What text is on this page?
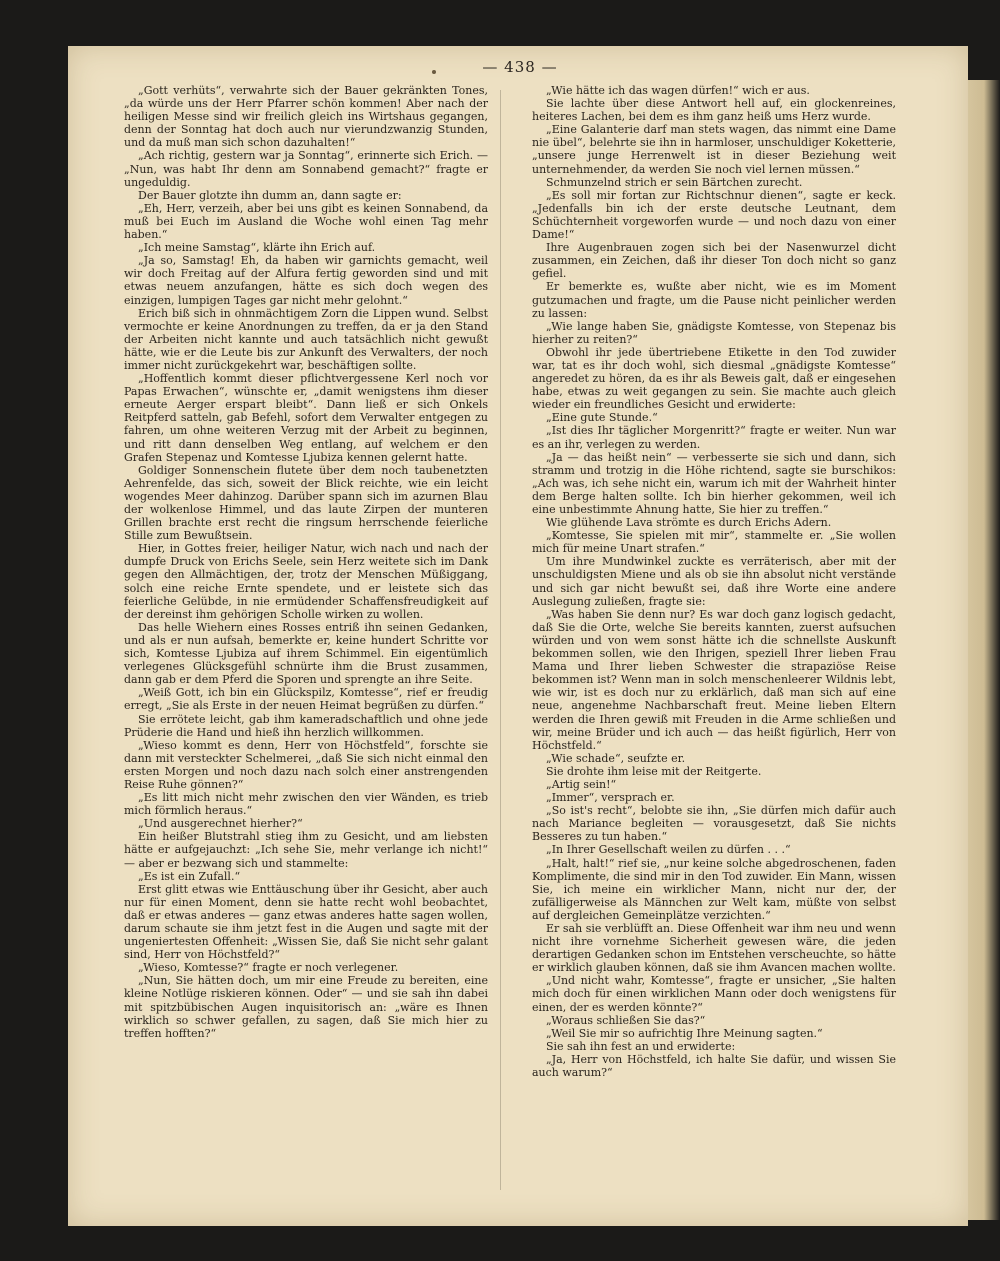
— 438 —

„Gott verhüts“, verwahrte sich der Bauer gekränkten Tones, „da würde uns der Herr Pfarrer schön kommen! Aber nach der heiligen Messe sind wir freilich gleich ins Wirtshaus gegangen, denn der Sonntag hat doch auch nur vierundzwanzig Stunden, und da muß man sich schon dazuhalten!“

„Ach richtig, gestern war ja Sonntag“, erinnerte sich Erich. — „Nun, was habt Ihr denn am Sonnabend gemacht?“ fragte er ungeduldig.

Der Bauer glotzte ihn dumm an, dann sagte er:

„Eh, Herr, verzeih, aber bei uns gibt es keinen Sonnabend, da muß bei Euch im Ausland die Woche wohl einen Tag mehr haben.“

„Ich meine Samstag“, klärte ihn Erich auf.

„Ja so, Samstag! Eh, da haben wir garnichts gemacht, weil wir doch Freitag auf der Alfura fertig geworden sind und mit etwas neuem anzufangen, hätte es sich doch wegen des einzigen, lumpigen Tages gar nicht mehr gelohnt.“

Erich biß sich in ohnmächtigem Zorn die Lippen wund. Selbst vermochte er keine Anordnungen zu treffen, da er ja den Stand der Arbeiten nicht kannte und auch tatsächlich nicht gewußt hätte, wie er die Leute bis zur Ankunft des Verwalters, der noch immer nicht zurückgekehrt war, beschäftigen sollte.

„Hoffentlich kommt dieser pflichtvergessene Kerl noch vor Papas Erwachen“, wünschte er, „damit wenigstens ihm dieser erneute Aerger erspart bleibt“. Dann ließ er sich Onkels Reitpferd satteln, gab Befehl, sofort dem Verwalter entgegen zu fahren, um ohne weiteren Verzug mit der Arbeit zu beginnen, und ritt dann denselben Weg entlang, auf welchem er den Grafen Stepenaz und Komtesse Ljubiza kennen gelernt hatte.

Goldiger Sonnenschein flutete über dem noch taubenetzten Aehrenfelde, das sich, soweit der Blick reichte, wie ein leicht wogendes Meer dahinzog. Darüber spann sich im azurnen Blau der wolkenlose Himmel, und das laute Zirpen der munteren Grillen brachte erst recht die ringsum herrschende feierliche Stille zum Bewußtsein.

Hier, in Gottes freier, heiliger Natur, wich nach und nach der dumpfe Druck von Erichs Seele, sein Herz weitete sich im Dank gegen den Allmächtigen, der, trotz der Menschen Müßiggang, solch eine reiche Ernte spendete, und er leistete sich das feierliche Gelübde, in nie ermüdender Schaffensfreudigkeit auf der dereinst ihm gehörigen Scholle wirken zu wollen.

Das helle Wiehern eines Rosses entriß ihn seinen Gedanken, und als er nun aufsah, bemerkte er, keine hundert Schritte vor sich, Komtesse Ljubiza auf ihrem Schimmel. Ein eigentümlich verlegenes Glücksgefühl schnürte ihm die Brust zusammen, dann gab er dem Pferd die Sporen und sprengte an ihre Seite.

„Weiß Gott, ich bin ein Glückspilz, Komtesse“, rief er freudig erregt, „Sie als Erste in der neuen Heimat begrüßen zu dürfen.“

Sie errötete leicht, gab ihm kameradschaftlich und ohne jede Prüderie die Hand und hieß ihn herzlich willkommen.

„Wieso kommt es denn, Herr von Höchstfeld“, forschte sie dann mit versteckter Schelmerei, „daß Sie sich nicht einmal den ersten Morgen und noch dazu nach solch einer anstrengenden Reise Ruhe gönnen?“

„Es litt mich nicht mehr zwischen den vier Wänden, es trieb mich förmlich heraus.“

„Und ausgerechnet hierher?“

Ein heißer Blutstrahl stieg ihm zu Gesicht, und am liebsten hätte er aufgejauchzt: „Ich sehe Sie, mehr verlange ich nicht!“ — aber er bezwang sich und stammelte:

„Es ist ein Zufall.“

Erst glitt etwas wie Enttäuschung über ihr Gesicht, aber auch nur für einen Moment, denn sie hatte recht wohl beobachtet, daß er etwas anderes — ganz etwas anderes hatte sagen wollen, darum schaute sie ihm jetzt fest in die Augen und sagte mit der ungeniertesten Offenheit: „Wissen Sie, daß Sie nicht sehr galant sind, Herr von Höchstfeld?“

„Wieso, Komtesse?“ fragte er noch verlegener.

„Nun, Sie hätten doch, um mir eine Freude zu bereiten, eine kleine Notlüge riskieren können. Oder“ — und sie sah ihn dabei mit spitzbübischen Augen inquisitorisch an: „wäre es Ihnen wirklich so schwer gefallen, zu sagen, daß Sie mich hier zu treffen hofften?“

„Wie hätte ich das wagen dürfen!“ wich er aus.

Sie lachte über diese Antwort hell auf, ein glockenreines, heiteres Lachen, bei dem es ihm ganz heiß ums Herz wurde.

„Eine Galanterie darf man stets wagen, das nimmt eine Dame nie übel“, belehrte sie ihn in harmloser, unschuldiger Koketterie, „unsere junge Herrenwelt ist in dieser Beziehung weit unternehmender, da werden Sie noch viel lernen müssen.“

Schmunzelnd strich er sein Bärtchen zurecht.

„Es soll mir fortan zur Richtschnur dienen“, sagte er keck. „Jedenfalls bin ich der erste deutsche Leutnant, dem Schüchternheit vorgeworfen wurde — und noch dazu von einer Dame!“

Ihre Augenbrauen zogen sich bei der Nasenwurzel dicht zusammen, ein Zeichen, daß ihr dieser Ton doch nicht so ganz gefiel.

Er bemerkte es, wußte aber nicht, wie es im Moment gutzumachen und fragte, um die Pause nicht peinlicher werden zu lassen:

„Wie lange haben Sie, gnädigste Komtesse, von Stepenaz bis hierher zu reiten?“

Obwohl ihr jede übertriebene Etikette in den Tod zuwider war, tat es ihr doch wohl, sich diesmal „gnädigste Komtesse“ angeredet zu hören, da es ihr als Beweis galt, daß er eingesehen habe, etwas zu weit gegangen zu sein. Sie machte auch gleich wieder ein freundliches Gesicht und erwiderte:

„Eine gute Stunde.“

„Ist dies Ihr täglicher Morgenritt?“ fragte er weiter. Nun war es an ihr, verlegen zu werden.

„Ja — das heißt nein“ — verbesserte sie sich und dann, sich stramm und trotzig in die Höhe richtend, sagte sie burschikos: „Ach was, ich sehe nicht ein, warum ich mit der Wahrheit hinter dem Berge halten sollte. Ich bin hierher gekommen, weil ich eine unbestimmte Ahnung hatte, Sie hier zu treffen.“

Wie glühende Lava strömte es durch Erichs Adern.

„Komtesse, Sie spielen mit mir“, stammelte er. „Sie wollen mich für meine Unart strafen.“

Um ihre Mundwinkel zuckte es verräterisch, aber mit der unschuldigsten Miene und als ob sie ihn absolut nicht verstände und sich gar nicht bewußt sei, daß ihre Worte eine andere Auslegung zuließen, fragte sie:

„Was haben Sie denn nur? Es war doch ganz logisch gedacht, daß Sie die Orte, welche Sie bereits kannten, zuerst aufsuchen würden und von wem sonst hätte ich die schnellste Auskunft bekommen sollen, wie den Ihrigen, speziell Ihrer lieben Frau Mama und Ihrer lieben Schwester die strapaziöse Reise bekommen ist? Wenn man in solch menschenleerer Wildnis lebt, wie wir, ist es doch nur zu erklärlich, daß man sich auf eine neue, angenehme Nachbarschaft freut. Meine lieben Eltern werden die Ihren gewiß mit Freuden in die Arme schließen und wir, meine Brüder und ich auch — das heißt figürlich, Herr von Höchstfeld.“

„Wie schade“, seufzte er.

Sie drohte ihm leise mit der Reitgerte.

„Artig sein!“

„Immer“, versprach er.

„So ist's recht“, belobte sie ihn, „Sie dürfen mich dafür auch nach Mariance begleiten — vorausgesetzt, daß Sie nichts Besseres zu tun haben.“

„In Ihrer Gesellschaft weilen zu dürfen . . .“

„Halt, halt!“ rief sie, „nur keine solche abgedroschenen, faden Komplimente, die sind mir in den Tod zuwider. Ein Mann, wissen Sie, ich meine ein wirklicher Mann, nicht nur der, der zufälligerweise als Männchen zur Welt kam, müßte von selbst auf dergleichen Gemeinplätze verzichten.“

Er sah sie verblüfft an. Diese Offenheit war ihm neu und wenn nicht ihre vornehme Sicherheit gewesen wäre, die jeden derartigen Gedanken schon im Entstehen verscheuchte, so hätte er wirklich glauben können, daß sie ihm Avancen machen wollte.

„Und nicht wahr, Komtesse“, fragte er unsicher, „Sie halten mich doch für einen wirklichen Mann oder doch wenigstens für einen, der es werden könnte?“

„Woraus schließen Sie das?“

„Weil Sie mir so aufrichtig Ihre Meinung sagten.“

Sie sah ihn fest an und erwiderte:

„Ja, Herr von Höchstfeld, ich halte Sie dafür, und wissen Sie auch warum?“
